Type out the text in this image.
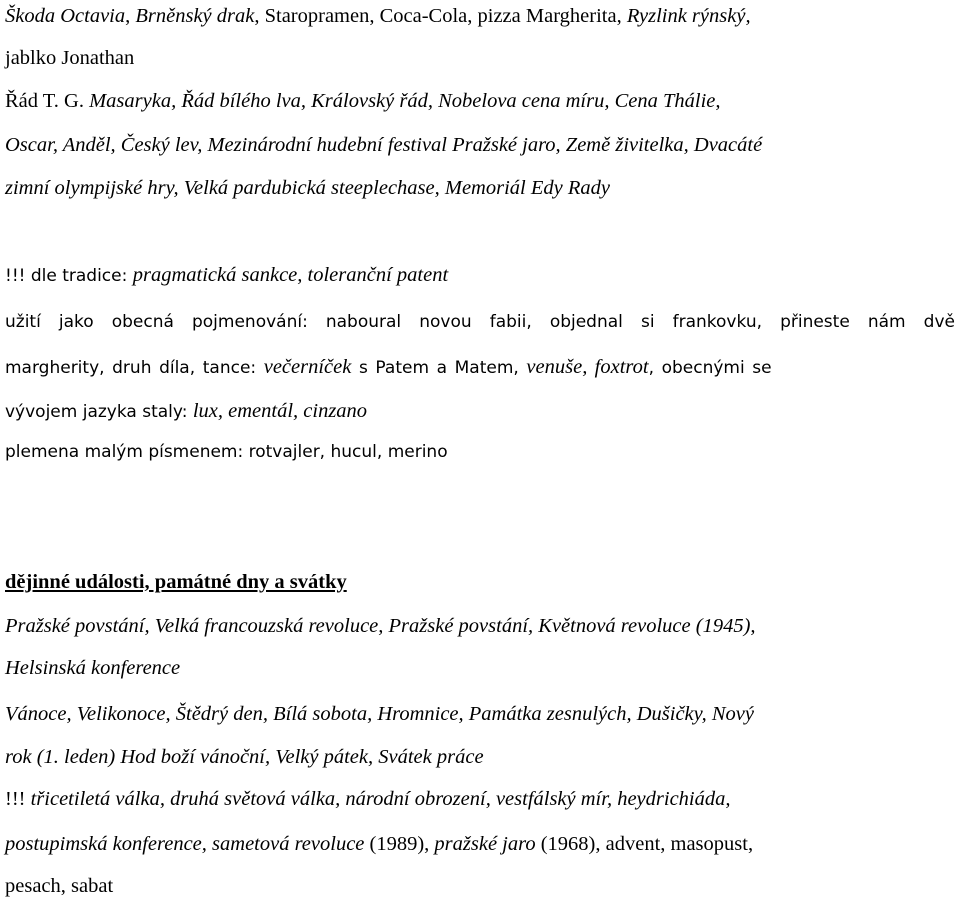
Škoda Octavia, Brněnský drak, Staropramen, Coca-Cola, pizza Margherita, Ryzlink rýnský,

jablko Jonathan

Řád T. G. Masaryka, Řád bílého lva, Královský řád, Nobelova cena míru, Cena Thálie,

Oscar, Anděl, Český lev, Mezinárodní hudební festival Pražské jaro, Země živitelka, Dvacáté

zimní olympijské hry, Velká pardubická steeplechase, Memoriál Edy Rady

!!! dle tradice: pragmatická sankce, toleranční patent

užití jako obecná pojmenování: naboural novou fabii, objednal si frankovku, přineste nám dvě

margherity, druh díla, tance: večerníček s Patem a Matem, venuše, foxtrot, obecnými se

vývojem jazyka staly: lux, ementál, cinzano

plemena malým písmenem: rotvajler, hucul, merino

dějinné události, památné dny a svátky

Pražské povstání, Velká francouzská revoluce, Pražské povstání, Květnová revoluce (1945),

Helsinská konference

Vánoce, Velikonoce, Štědrý den, Bílá sobota, Hromnice, Památka zesnulých, Dušičky, Nový

rok (1. leden) Hod boží vánoční, Velký pátek, Svátek práce

!!! třicetiletá válka, druhá světová válka, národní obrození, vestfálský mír, heydrichiáda,

postupimská konference, sametová revoluce (1989), pražské jaro (1968), advent, masopust,

pesach, sabat
